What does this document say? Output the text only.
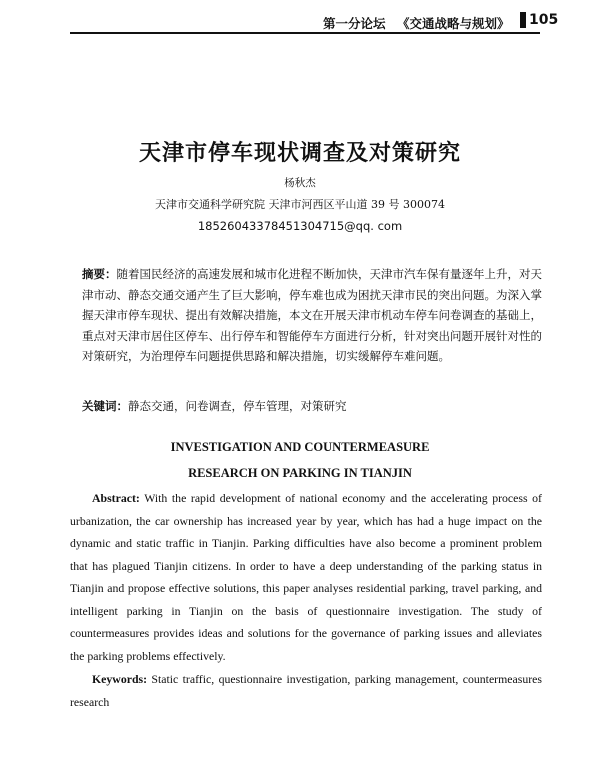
第一分论坛 《交通战略与规划》	105
天津市停车现状调查及对策研究
杨秋杰
天津市交通科学研究院 天津市河西区平山道 39 号 300074
18526043378451304715@qq. com
摘要：随着国民经济的高速发展和城市化进程不断加快，天津市汽车保有量逐年上升，对天津市动、静态交通交通产生了巨大影响，停车难也成为困扰天津市民的突出问题。为深入掌握天津市停车现状、提出有效解决措施，本文在开展天津市机动车停车问卷调查的基础上，重点对天津市居住区停车、出行停车和智能停车方面进行分析，针对突出问题开展针对性的对策研究，为治理停车问题提供思路和解决措施，切实缓解停车难问题。
关键词：静态交通，问卷调查，停车管理，对策研究
INVESTIGATION AND COUNTERMEASURE
RESEARCH ON PARKING IN TIANJIN
Abstract: With the rapid development of national economy and the accelerating process of urbanization, the car ownership has increased year by year, which has had a huge impact on the dynamic and static traffic in Tianjin. Parking difficulties have also become a prominent problem that has plagued Tianjin citizens. In order to have a deep understanding of the parking status in Tianjin and propose effective solutions, this paper analyses residential parking, travel parking, and intelligent parking in Tianjin on the basis of questionnaire investigation. The study of countermeasures provides ideas and solutions for the governance of parking issues and alleviates the parking problems effectively.
Keywords: Static traffic, questionnaire investigation, parking management, countermeasures research
